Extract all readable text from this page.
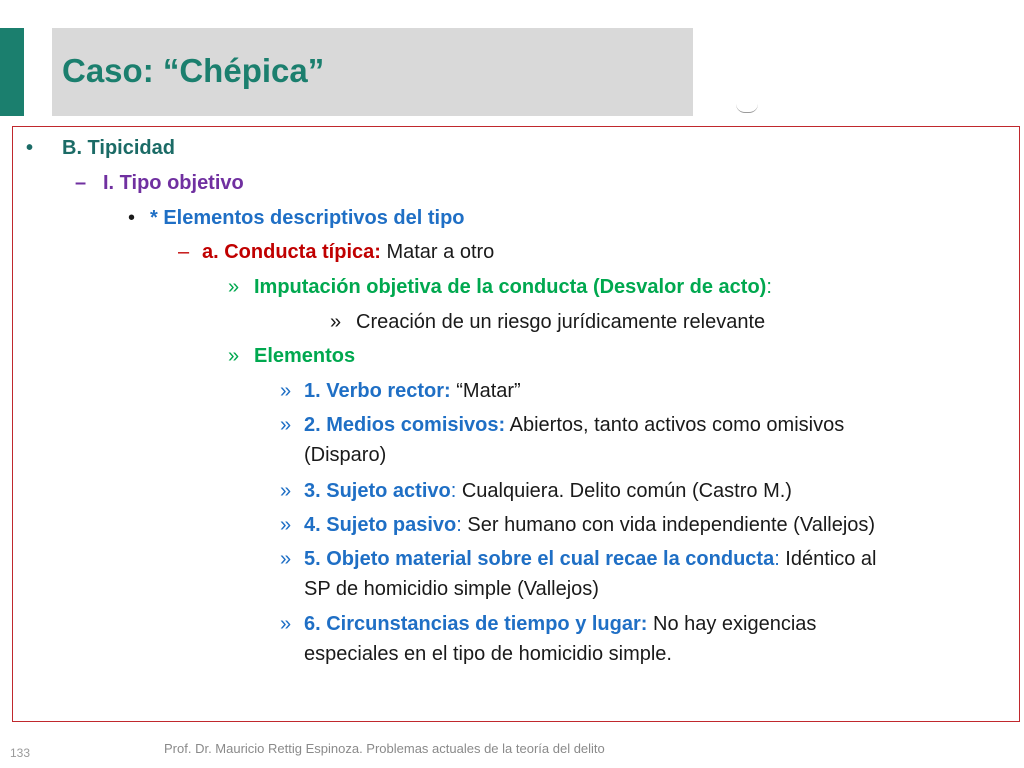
Caso: “Chépica”
• B. Tipicidad
– I. Tipo objetivo
• * Elementos descriptivos del tipo
– a. Conducta típica: Matar a otro
» Imputación objetiva de la conducta (Desvalor de acto):
» Creación de un riesgo jurídicamente relevante
» Elementos
» 1. Verbo rector: “Matar”
» 2. Medios comisivos: Abiertos, tanto activos como omisivos
(Disparo)
» 3. Sujeto activo: Cualquiera. Delito común (Castro M.)
» 4. Sujeto pasivo: Ser humano con vida independiente (Vallejos)
» 5. Objeto material sobre el cual recae la conducta: Idéntico al
SP de homicidio simple (Vallejos)
» 6. Circunstancias de tiempo y lugar: No hay exigencias
especiales en el tipo de homicidio simple.
133	Prof. Dr. Mauricio Rettig Espinoza. Problemas actuales de la teoría del delito
